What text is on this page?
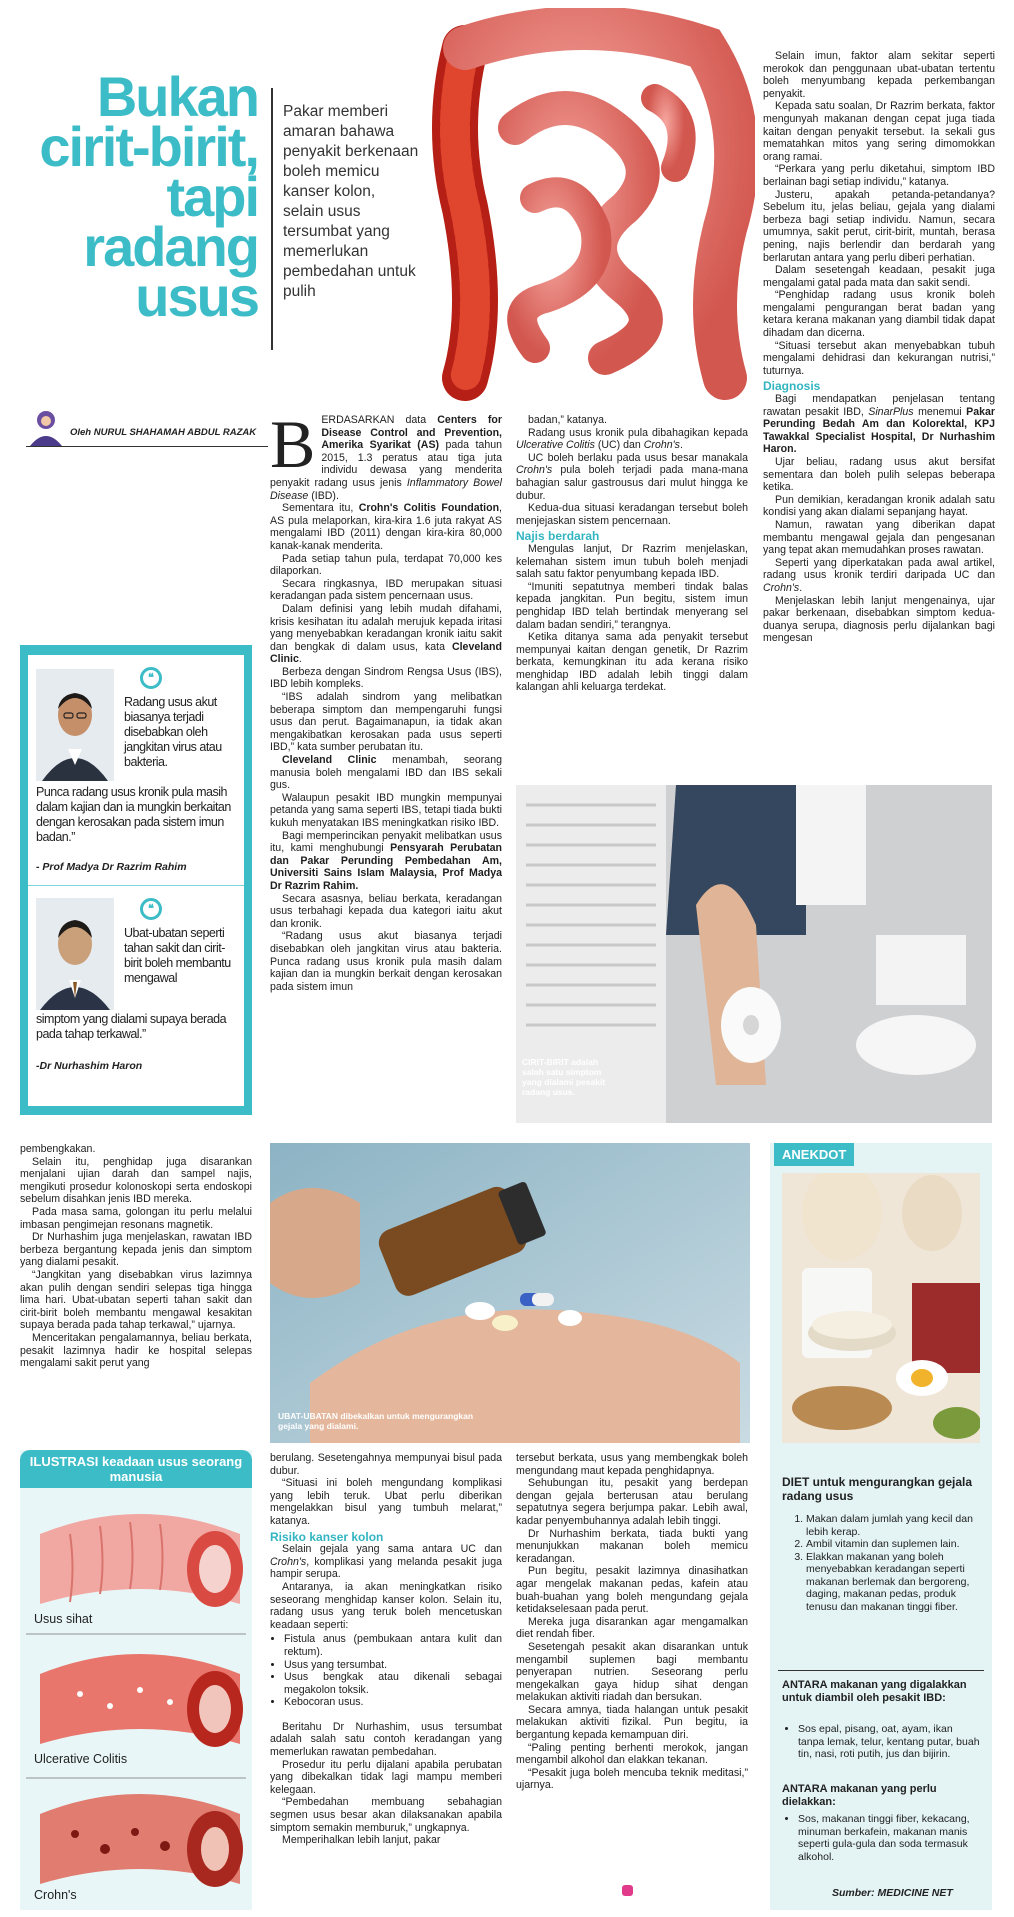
Bukan
cirit-birit,
tapi
radang
usus
Pakar memberi amaran bahawa penyakit berkenaan boleh memicu kanser kolon, selain usus tersumbat yang memerlukan pembedahan untuk pulih
Oleh NURUL SHAHAMAH ABDUL RAZAK B ERDASARKAN data Centers for Disease Control and Prevention, Amerika Syarikat (AS) pada tahun 2015, 1.3 peratus atau tiga juta individu dewasa yang menderita penyakit radang usus jenis Inflammatory Bowel Disease (IBD).

Sementara itu, Crohn's Colitis Foundation, AS pula melaporkan, kira-kira 1.6 juta rakyat AS mengalami IBD (2011) dengan kira-kira 80,000 kanak-kanak menderita.

Pada setiap tahun pula, terdapat 70,000 kes dilaporkan.

Secara ringkasnya, IBD merupakan situasi keradangan pada sistem pencernaan usus.

Dalam definisi yang lebih mudah difahami, krisis kesihatan itu adalah merujuk kepada iritasi yang menyebabkan keradangan kronik iaitu sakit dan bengkak di dalam usus, kata Cleveland Clinic.

Berbeza dengan Sindrom Rengsa Usus (IBS), IBD lebih kompleks.

“IBS adalah sindrom yang melibatkan beberapa simptom dan mempengaruhi fungsi usus dan perut. Bagaimanapun, ia tidak akan mengakibatkan kerosakan pada usus seperti IBD,” kata sumber perubatan itu.

Cleveland Clinic menambah, seorang manusia boleh mengalami IBD dan IBS sekali gus.

Walaupun pesakit IBD mungkin mempunyai petanda yang sama seperti IBS, tetapi tiada bukti kukuh menyatakan IBS meningkatkan risiko IBD.

Bagi memperincikan penyakit melibatkan usus itu, kami menghubungi Pensyarah Perubatan dan Pakar Perunding Pembedahan Am, Universiti Sains Islam Malaysia, Prof Madya Dr Razrim Rahim.

Secara asasnya, beliau berkata, keradangan usus terbahagi kepada dua kategori iaitu akut dan kronik.

“Radang usus akut biasanya terjadi disebabkan oleh jangkitan virus atau bakteria. Punca radang usus kronik pula masih dalam kajian dan ia mungkin berkait dengan kerosakan pada sistem imun

badan,” katanya.

Radang usus kronik pula dibahagikan kepada Ulcerative Colitis (UC) dan Crohn's.

UC boleh berlaku pada usus besar manakala Crohn's pula boleh terjadi pada mana-mana bahagian salur gastrousus dari mulut hingga ke dubur.

Kedua-dua situasi keradangan tersebut boleh menjejaskan sistem pencernaan.

Najis berdarah

Mengulas lanjut, Dr Razrim menjelaskan, kelemahan sistem imun tubuh boleh menjadi salah satu faktor penyumbang kepada IBD.

“Imuniti sepatutnya memberi tindak balas kepada jangkitan. Pun begitu, sistem imun penghidap IBD telah bertindak menyerang sel dalam badan sendiri,” terangnya.

Ketika ditanya sama ada penyakit tersebut mempunyai kaitan dengan genetik, Dr Razrim berkata, kemungkinan itu ada kerana risiko menghidap IBD adalah lebih tinggi dalam kalangan ahli keluarga terdekat.

Selain imun, faktor alam sekitar seperti merokok dan penggunaan ubat-ubatan tertentu boleh menyumbang kepada perkembangan penyakit.

Kepada satu soalan, Dr Razrim berkata, faktor mengunyah makanan dengan cepat juga tiada kaitan dengan penyakit tersebut. Ia sekali gus mematahkan mitos yang sering dimomokkan orang ramai.

“Perkara yang perlu diketahui, simptom IBD berlainan bagi setiap individu,” katanya.

Justeru, apakah petanda-petandanya? Sebelum itu, jelas beliau, gejala yang dialami berbeza bagi setiap individu. Namun, secara umumnya, sakit perut, cirit-birit, muntah, berasa pening, najis berlendir dan berdarah yang berlarutan antara yang perlu diberi perhatian.

Dalam sesetengah keadaan, pesakit juga mengalami gatal pada mata dan sakit sendi.

“Penghidap radang usus kronik boleh mengalami pengurangan berat badan yang ketara kerana makanan yang diambil tidak dapat dihadam dan dicerna.

“Situasi tersebut akan menyebabkan tubuh mengalami dehidrasi dan kekurangan nutrisi,” tuturnya.

Diagnosis

Bagi mendapatkan penjelasan tentang rawatan pesakit IBD, SinarPlus menemui Pakar Perunding Bedah Am dan Kolorektal, KPJ Tawakkal Specialist Hospital, Dr Nurhashim Haron.

Ujar beliau, radang usus akut bersifat sementara dan boleh pulih selepas beberapa ketika.

Pun demikian, keradangan kronik adalah satu kondisi yang akan dialami sepanjang hayat.

Namun, rawatan yang diberikan dapat membantu mengawal gejala dan pengesanan yang tepat akan memudahkan proses rawatan.

Seperti yang diperkatakan pada awal artikel, radang usus kronik terdiri daripada UC dan Crohn's.

Menjelaskan lebih lanjut mengenainya, ujar pakar berkenaan, disebabkan simptom kedua-duanya serupa, diagnosis perlu dijalankan bagi mengesan

❝
Radang usus akut biasanya terjadi disebabkan oleh jangkitan virus atau bakteria.
Punca radang usus kronik pula masih dalam kajian dan ia mungkin berkaitan dengan kerosakan pada sistem imun badan.”
- Prof Madya Dr Razrim Rahim
❝
Ubat-ubatan seperti tahan sakit dan cirit-birit boleh membantu mengawal
simptom yang dialami supaya berada pada tahap terkawal.”
-Dr Nurhashim Haron	CIRIT-BIRIT adalah salah satu simptom yang dialami pesakit radang usus.
UBAT-UBATAN dibekalkan untuk mengurangkan gejala yang dialami.

pembengkakan.

Selain itu, penghidap juga disarankan menjalani ujian darah dan sampel najis, mengikuti prosedur kolonoskopi serta endoskopi sebelum disahkan jenis IBD mereka.

Pada masa sama, golongan itu perlu melalui imbasan pengimejan resonans magnetik.

Dr Nurhashim juga menjelaskan, rawatan IBD berbeza bergantung kepada jenis dan simptom yang dialami pesakit.

“Jangkitan yang disebabkan virus lazimnya akan pulih dengan sendiri selepas tiga hingga lima hari. Ubat-ubatan seperti tahan sakit dan cirit-birit boleh membantu mengawal kesakitan supaya berada pada tahap terkawal,” ujarnya.

Menceritakan pengalamannya, beliau berkata, pesakit lazimnya hadir ke hospital selepas mengalami sakit perut yang

ILUSTRASI keadaan usus seorang manusia
Usus sihat
Ulcerative Colitis
Crohn's

berulang. Sesetengahnya mempunyai bisul pada dubur.

“Situasi ini boleh mengundang komplikasi yang lebih teruk. Ubat perlu diberikan mengelakkan bisul yang tumbuh melarat,” katanya.

Risiko kanser kolon

Selain gejala yang sama antara UC dan Crohn's, komplikasi yang melanda pesakit juga hampir serupa.

Antaranya, ia akan meningkatkan risiko seseorang menghidap kanser kolon. Selain itu, radang usus yang teruk boleh mencetuskan keadaan seperti:

• Fistula anus (pembukaan antara kulit dan rektum).
• Usus yang tersumbat.
• Usus bengkak atau dikenali sebagai megakolon toksik.
• Kebocoran usus.

Beritahu Dr Nurhashim, usus tersumbat adalah salah satu contoh keradangan yang memerlukan rawatan pembedahan.

Prosedur itu perlu dijalani apabila perubatan yang dibekalkan tidak lagi mampu memberi kelegaan.

“Pembedahan membuang sebahagian segmen usus besar akan dilaksanakan apabila simptom semakin memburuk,” ungkapnya.

Memperihalkan lebih lanjut, pakar

tersebut berkata, usus yang membengkak boleh mengundang maut kepada penghidapnya.

Sehubungan itu, pesakit yang berdepan dengan gejala berterusan atau berulang sepatutnya segera berjumpa pakar. Lebih awal, kadar penyembuhannya adalah lebih tinggi.

Dr Nurhashim berkata, tiada bukti yang menunjukkan makanan boleh memicu keradangan.

Pun begitu, pesakit lazimnya dinasihatkan agar mengelak makanan pedas, kafein atau buah-buahan yang boleh mengundang gejala ketidakselesaan pada perut.

Mereka juga disarankan agar mengamalkan diet rendah fiber.

Sesetengah pesakit akan disarankan untuk mengambil suplemen bagi membantu penyerapan nutrien. Seseorang perlu mengekalkan gaya hidup sihat dengan melakukan aktiviti riadah dan bersukan.

Secara amnya, tiada halangan untuk pesakit melakukan aktiviti fizikal. Pun begitu, ia bergantung kepada kemampuan diri.

“Paling penting berhenti merokok, jangan mengambil alkohol dan elakkan tekanan.

“Pesakit juga boleh mencuba teknik meditasi,” ujarnya.

ANEKDOT
DIET untuk mengurangkan gejala radang usus
1. Makan dalam jumlah yang kecil dan lebih kerap.
2. Ambil vitamin dan suplemen lain.
3. Elakkan makanan yang boleh menyebabkan keradangan seperti makanan berlemak dan bergoreng, daging, makanan pedas, produk tenusu dan makanan tinggi fiber.
ANTARA makanan yang digalakkan untuk diambil oleh pesakit IBD:
• Sos epal, pisang, oat, ayam, ikan tanpa lemak, telur, kentang putar, buah tin, nasi, roti putih, jus dan bijirin.
ANTARA makanan yang perlu dielakkan:
• Sos, makanan tinggi fiber, kekacang, minuman berkafein, makanan manis seperti gula-gula dan soda termasuk alkohol.
Sumber: MEDICINE NET
